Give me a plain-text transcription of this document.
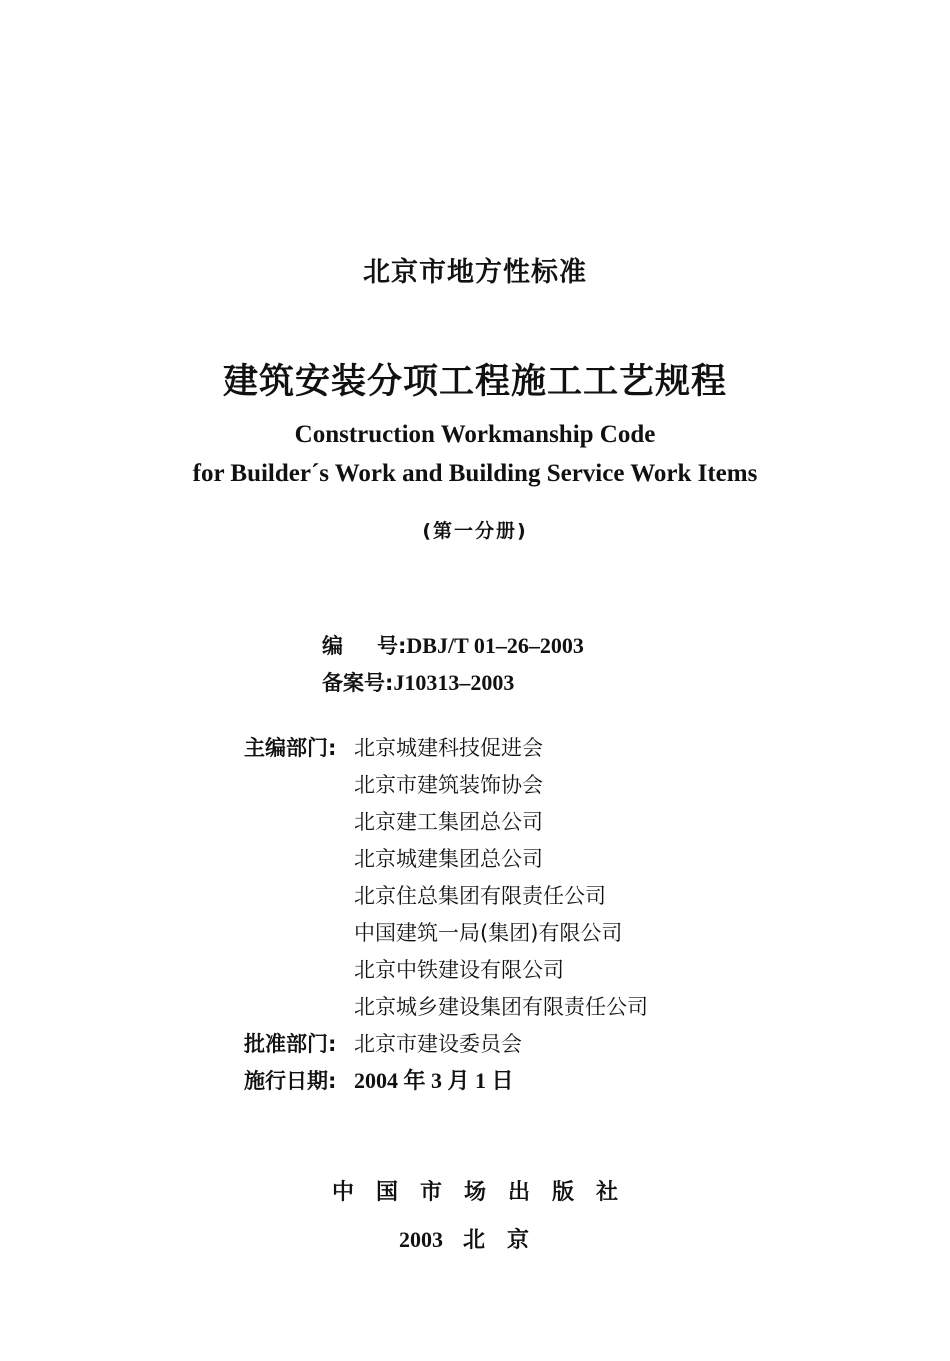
北京市地方性标准
建筑安装分项工程施工工艺规程
Construction Workmanship Code
for Builder´s Work and Building Service Work Items
(第一分册)
编 号:DBJ/T 01–26–2003
备案号:J10313–2003
主编部门: 北京城建科技促进会
北京市建筑装饰协会
北京建工集团总公司
北京城建集团总公司
北京住总集团有限责任公司
中国建筑一局(集团)有限公司
北京中铁建设有限公司
北京城乡建设集团有限责任公司
批准部门: 北京市建设委员会
施行日期: 2004 年 3 月 1 日
中国市场出版社
2003 北京
